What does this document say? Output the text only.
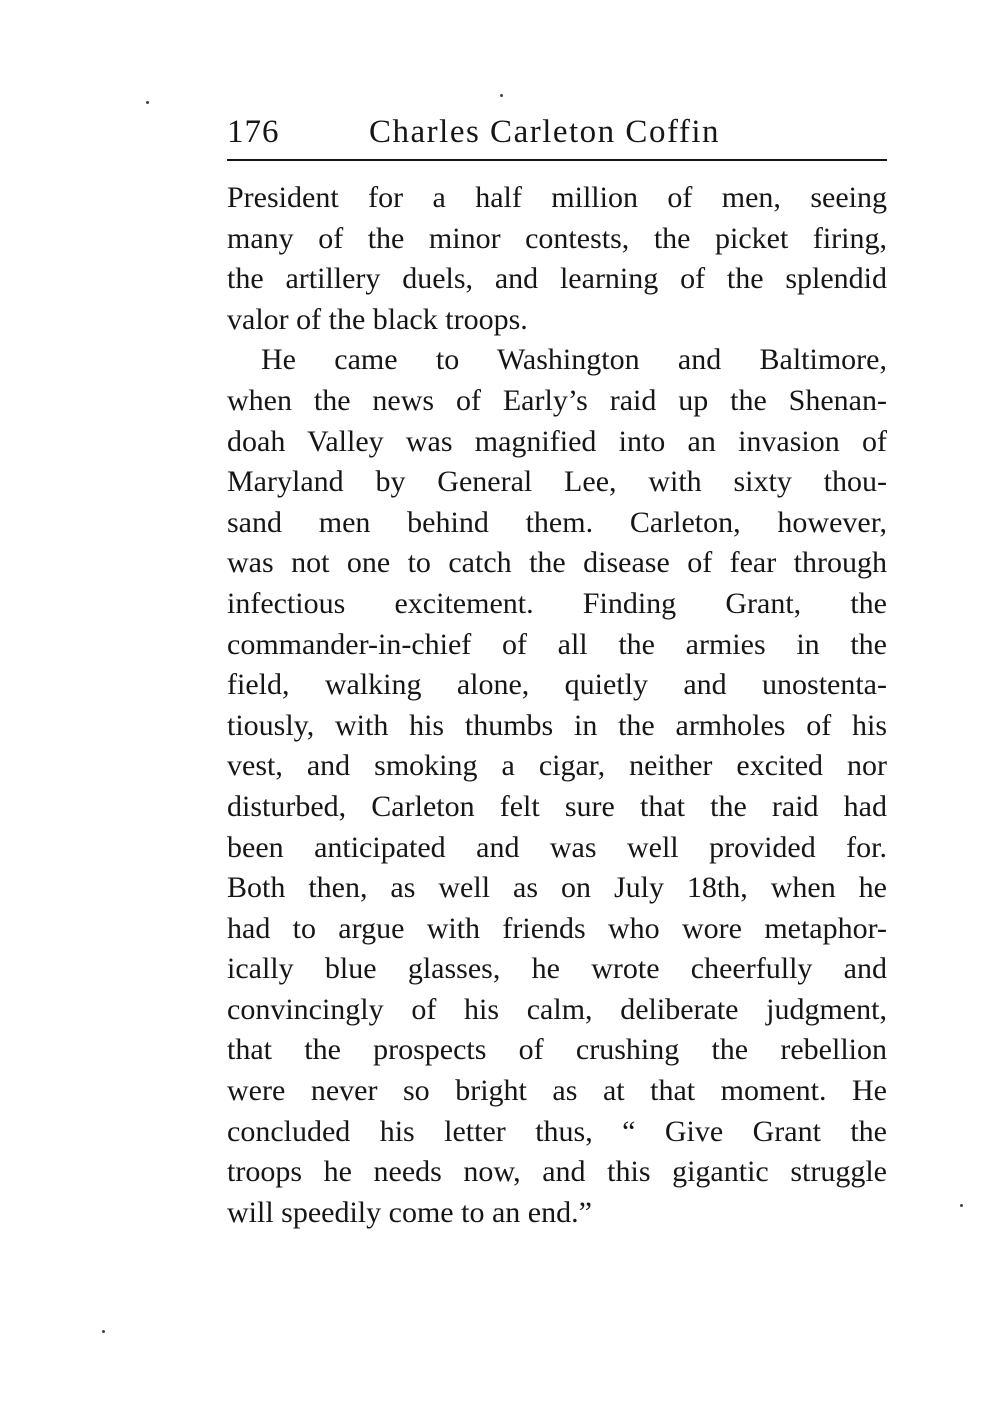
176	Charles Carleton Coffin
President for a half million of men, seeing
many of the minor contests, the picket firing,
the artillery duels, and learning of the splendid
valor of the black troops.
He came to Washington and Baltimore,
when the news of Early’s raid up the Shenan-
doah Valley was magnified into an invasion of
Maryland by General Lee, with sixty thou-
sand men behind them. Carleton, however,
was not one to catch the disease of fear through
infectious excitement. Finding Grant, the
commander-in-chief of all the armies in the
field, walking alone, quietly and unostenta-
tiously, with his thumbs in the armholes of his
vest, and smoking a cigar, neither excited nor
disturbed, Carleton felt sure that the raid had
been anticipated and was well provided for.
Both then, as well as on July 18th, when he
had to argue with friends who wore metaphor-
ically blue glasses, he wrote cheerfully and
convincingly of his calm, deliberate judgment,
that the prospects of crushing the rebellion
were never so bright as at that moment. He
concluded his letter thus, “ Give Grant the
troops he needs now, and this gigantic struggle
will speedily come to an end.”
